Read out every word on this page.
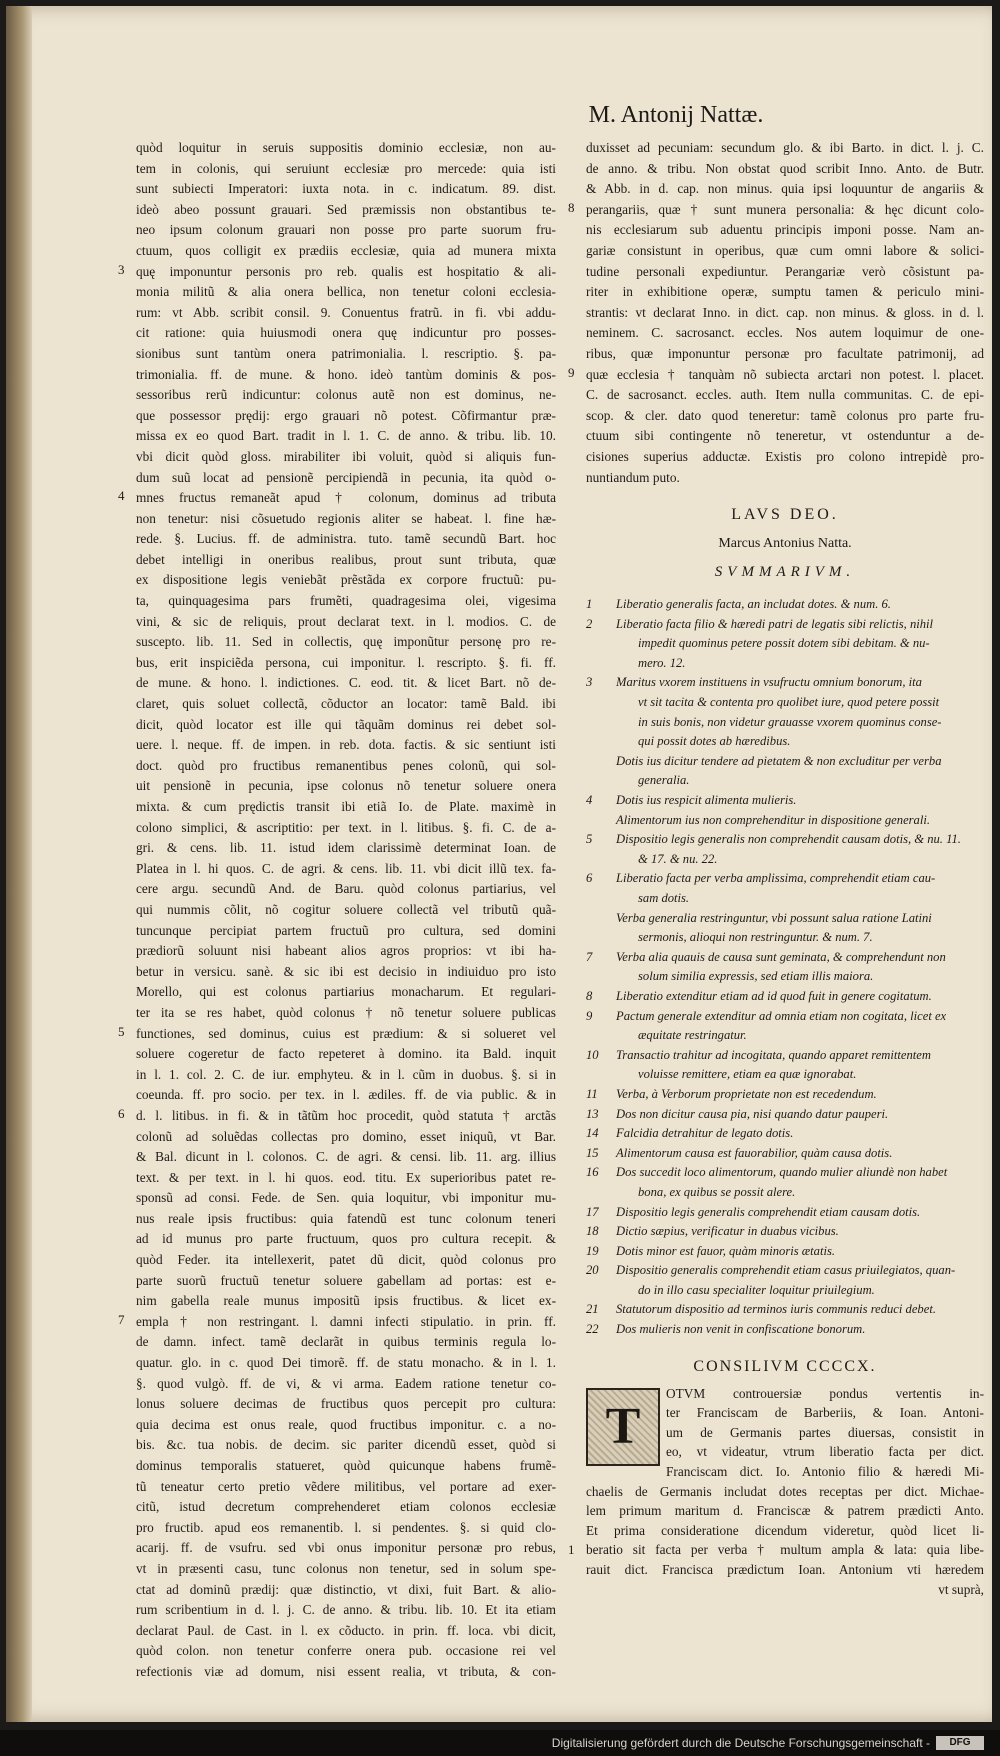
M. Antonij Nattæ.
quòd loquitur in seruis suppositis dominio ecclesiæ, non au-
tem in colonis, qui seruiunt ecclesiæ pro mercede: quia isti
sunt subiecti Imperatori: iuxta nota. in c. indicatum. 89. dist.
ideò abeo possunt grauari. Sed præmissis non obstantibus te-
neo ipsum colonum grauari non posse pro parte suorum fru-
ctuum, quos colligit ex prædiis ecclesiæ, quia ad munera mixta
quę imponuntur personis pro reb. qualis est hospitatio & ali-
3
monia militũ & alia onera bellica, non tenetur coloni ecclesia-
rum: vt Abb. scribit consil. 9. Conuentus fratrũ. in fi. vbi addu-
cit ratione: quia huiusmodi onera quę indicuntur pro posses-
sionibus sunt tantùm onera patrimonialia. l. rescriptio. §. pa-
trimonialia. ff. de mune. & hono. ideò tantùm dominis & pos-
sessoribus rerũ indicuntur: colonus autẽ non est dominus, ne-
que possessor prędij: ergo grauari nõ potest. Cõfirmantur præ-
missa ex eo quod Bart. tradit in l. 1. C. de anno. & tribu. lib. 10.
vbi dicit quòd gloss. mirabiliter ibi voluit, quòd si aliquis fun-
dum suũ locat ad pensionẽ percipiendã in pecunia, ita quòd o-
mnes fructus remaneãt apud † colonum, dominus ad tributa
4
non tenetur: nisi cõsuetudo regionis aliter se habeat. l. fine hæ-
rede. §. Lucius. ff. de administra. tuto. tamẽ secundũ Bart. hoc
debet intelligi in oneribus realibus, prout sunt tributa, quæ
ex dispositione legis veniebãt prẽstãda ex corpore fructuũ: pu-
ta, quinquagesima pars frumẽti, quadragesima olei, vigesima
vini, & sic de reliquis, prout declarat text. in l. modios. C. de
suscepto. lib. 11. Sed in collectis, quę imponũtur personę pro re-
bus, erit inspiciẽda persona, cui imponitur. l. rescripto. §. fi. ff.
de mune. & hono. l. indictiones. C. eod. tit. & licet Bart. nõ de-
claret, quis soluet collectã, cõductor an locator: tamẽ Bald. ibi
dicit, quòd locator est ille qui tãquãm dominus rei debet sol-
uere. l. neque. ff. de impen. in reb. dota. factis. & sic sentiunt isti
doct. quòd pro fructibus remanentibus penes colonũ, qui sol-
uit pensionẽ in pecunia, ipse colonus nõ tenetur soluere onera
mixta. & cum prędictis transit ibi etiã Io. de Plate. maximè in
colono simplici, & ascriptitio: per text. in l. litibus. §. fi. C. de a-
gri. & cens. lib. 11. istud idem clarissimè determinat Ioan. de
Platea in l. hi quos. C. de agri. & cens. lib. 11. vbi dicit illũ tex. fa-
cere argu. secundũ And. de Baru. quòd colonus partiarius, vel
qui nummis cõlit, nõ cogitur soluere collectã vel tributũ quã-
tuncunque percipiat partem fructuũ pro cultura, sed domini
prædiorũ soluunt nisi habeant alios agros proprios: vt ibi ha-
betur in versicu. sanè. & sic ibi est decisio in indiuiduo pro isto
Morello, qui est colonus partiarius monacharum. Et regulari-
ter ita se res habet, quòd colonus † nõ tenetur soluere publicas
functiones, sed dominus, cuius est prædium: & si solueret vel
5
soluere cogeretur de facto repeteret à domino. ita Bald. inquit
in l. 1. col. 2. C. de iur. emphyteu. & in l. cũm in duobus. §. si in
coeunda. ff. pro socio. per tex. in l. ædiles. ff. de via public. & in
d. l. litibus. in fi. & in tãtũm hoc procedit, quòd statuta † arctãs
6
colonũ ad soluẽdas collectas pro domino, esset iniquũ, vt Bar.
& Bal. dicunt in l. colonos. C. de agri. & censi. lib. 11. arg. illius
text. & per text. in l. hi quos. eod. titu. Ex superioribus patet re-
sponsũ ad consi. Fede. de Sen. quia loquitur, vbi imponitur mu-
nus reale ipsis fructibus: quia fatendũ est tunc colonum teneri
ad id munus pro parte fructuum, quos pro cultura recepit. &
quòd Feder. ita intellexerit, patet dũ dicit, quòd colonus pro
parte suorũ fructuũ tenetur soluere gabellam ad portas: est e-
nim gabella reale munus impositũ ipsis fructibus. & licet ex-
empla † non restringant. l. damni infecti stipulatio. in prin. ff.
7
de damn. infect. tamẽ declarãt in quibus terminis regula lo-
quatur. glo. in c. quod Dei timorẽ. ff. de statu monacho. & in l. 1.
§. quod vulgò. ff. de vi, & vi arma. Eadem ratione tenetur co-
lonus soluere decimas de fructibus quos percepit pro cultura:
quia decima est onus reale, quod fructibus imponitur. c. a no-
bis. &c. tua nobis. de decim. sic pariter dicendũ esset, quòd si
dominus temporalis statueret, quòd quicunque habens frumẽ-
tũ teneatur certo pretio vẽdere militibus, vel portare ad exer-
citũ, istud decretum comprehenderet etiam colonos ecclesiæ
pro fructib. apud eos remanentib. l. si pendentes. §. si quid clo-
acarij. ff. de vsufru. sed vbi onus imponitur personæ pro rebus,
vt in præsenti casu, tunc colonus non tenetur, sed in solum spe-
ctat ad dominũ prædij: quæ distinctio, vt dixi, fuit Bart. & alio-
rum scribentium in d. l. j. C. de anno. & tribu. lib. 10. Et ita etiam
declarat Paul. de Cast. in l. ex cõducto. in prin. ff. loca. vbi dicit,
quòd colon. non tenetur conferre onera pub. occasione rei vel
refectionis viæ ad domum, nisi essent realia, vt tributa, & con-
duxisset ad pecuniam: secundum glo. & ibi Barto. in dict. l. j. C.
de anno. & tribu. Non obstat quod scribit Inno. Anto. de Butr.
& Abb. in d. cap. non minus. quia ipsi loquuntur de angariis &
perangariis, quæ † sunt munera personalia: & hęc dicunt colo-
8
nis ecclesiarum sub aduentu principis imponi posse. Nam an-
gariæ consistunt in operibus, quæ cum omni labore & solici-
tudine personali expediuntur. Perangariæ verò cõsistunt pa-
riter in exhibitione operæ, sumptu tamen & periculo mini-
strantis: vt declarat Inno. in dict. cap. non minus. & gloss. in d. l.
neminem. C. sacrosanct. eccles. Nos autem loquimur de one-
ribus, quæ imponuntur personæ pro facultate patrimonij, ad
quæ ecclesia † tanquàm nõ subiecta arctari non potest. l. placet.
9
C. de sacrosanct. eccles. auth. Item nulla communitas. C. de epi-
scop. & cler. dato quod teneretur: tamẽ colonus pro parte fru-
ctuum sibi contingente nõ teneretur, vt ostenduntur a de-
cisiones superius adductæ. Existis pro colono intrepidè pro-
nuntiandum puto.
LAVS DEO.
Marcus Antonius Natta.
SVMMARIVM.
1 Liberatio generalis facta, an includat dotes. & num. 6.
2 Liberatio facta filio & hæredi patri de legatis sibi relictis, nihil
impedit quominus petere possit dotem sibi debitam. & nu-
mero. 12.
3 Maritus vxorem instituens in vsufructu omnium bonorum, ita
vt sit tacita & contenta pro quolibet iure, quod petere possit
in suis bonis, non videtur grauasse vxorem quominus conse-
qui possit dotes ab hæredibus.
Dotis ius dicitur tendere ad pietatem & non excluditur per verba
generalia.
4 Dotis ius respicit alimenta mulieris.
Alimentorum ius non comprehenditur in dispositione generali.
5 Dispositio legis generalis non comprehendit causam dotis, & nu. 11.
& 17. & nu. 22.
6 Liberatio facta per verba amplissima, comprehendit etiam cau-
sam dotis.
Verba generalia restringuntur, vbi possunt salua ratione Latini
sermonis, alioqui non restringuntur. & num. 7.
7 Verba alia quauis de causa sunt geminata, & comprehendunt non
solum similia expressis, sed etiam illis maiora.
8 Liberatio extenditur etiam ad id quod fuit in genere cogitatum.
9 Pactum generale extenditur ad omnia etiam non cogitata, licet ex
æquitate restringatur.
10 Transactio trahitur ad incogitata, quando apparet remittentem
voluisse remittere, etiam ea quæ ignorabat.
11 Verba, à Verborum proprietate non est recedendum.
13 Dos non dicitur causa pia, nisi quando datur pauperi.
14 Falcidia detrahitur de legato dotis.
15 Alimentorum causa est fauorabilior, quàm causa dotis.
16 Dos succedit loco alimentorum, quando mulier aliundè non habet
bona, ex quibus se possit alere.
17 Dispositio legis generalis comprehendit etiam causam dotis.
18 Dictio sæpius, verificatur in duabus vicibus.
19 Dotis minor est fauor, quàm minoris ætatis.
20 Dispositio generalis comprehendit etiam casus priuilegiatos, quan-
do in illo casu specialiter loquitur priuilegium.
21 Statutorum dispositio ad terminos iuris communis reduci debet.
22 Dos mulieris non venit in confiscatione bonorum.
CONSILIVM CCCCX.
T
OTVM controuersiæ pondus vertentis in-
ter Franciscam de Barberiis, & Ioan. Antoni-
um de Germanis partes diuersas, consistit in
eo, vt videatur, vtrum liberatio facta per dict.
Franciscam dict. Io. Antonio filio & hæredi Mi-
chaelis de Germanis includat dotes receptas per dict. Michae-
lem primum maritum d. Franciscæ & patrem prædicti Anto.
Et prima consideratione dicendum videretur, quòd licet li-
beratio sit facta per verba † multum ampla & lata: quia libe-
1
rauit dict. Francisca prædictum Ioan. Antonium vti hæredem
vt suprà,
Digitalisierung gefördert durch die Deutsche Forschungsgemeinschaft -	DFG
